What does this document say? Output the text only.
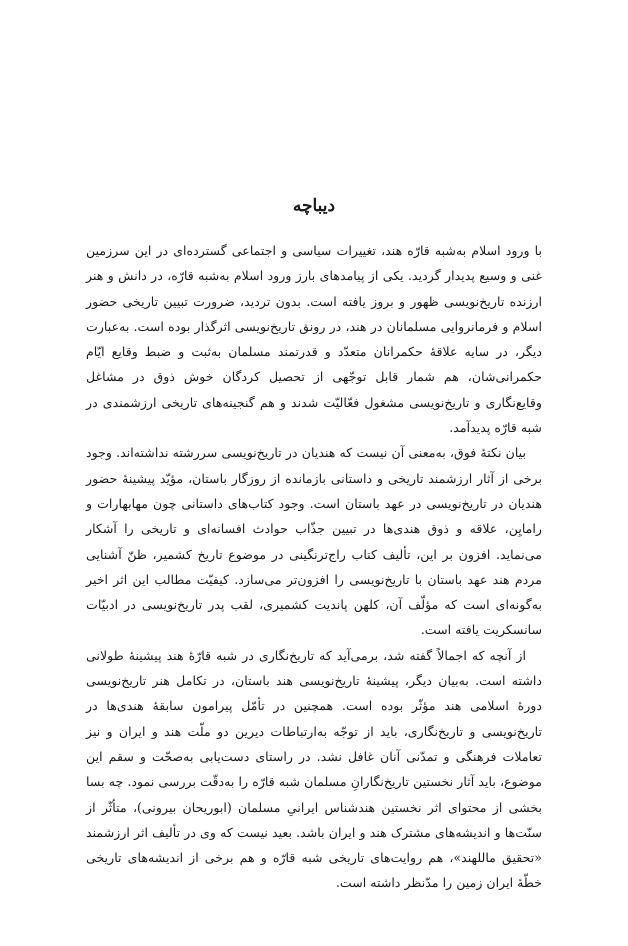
دیباچه

با ورود اسلام به‌شبه قارّه هند، تغییرات سیاسی و اجتماعی گسترده‌ای در این سرزمین غنی و وسیع پدیدار گردید. یکی از پیامدهای بارز ورود اسلام به‌شبه قارّه، در دانش و هنر ارزنده تاریخ‌نویسی ظهور و بروز یافته است. بدون تردید، ضرورت تبیین تاریخی حضور اسلام و فرمانروایی مسلمانان در هند، در رونق تاریخ‌نویسی اثرگذار بوده است. به‌عبارت دیگر، در سایه علاقهٔ حکمرانان متعدّد و قدرتمند مسلمان به‌ثبت و ضبط وقایع ایّام حکمرانی‌شان، هم شمار قابل توجّهی از تحصیل کردگان خوش ذوق در مشاغل وقایع‌نگاری و تاریخ‌نویسی مشغول فعّالیّت شدند و هم گنجینه‌های تاریخی ارزشمندی در شبه قارّه پدیدآمد.

بیان نکتهٔ فوق، به‌معنی آن نیست که هندیان در تاریخ‌نویسی سررشته نداشته‌اند. وجود برخی از آثار ارزشمند تاریخی و داستانی بازمانده از روزگار باستان، مؤیّد پیشینهٔ حضور هندیان در تاریخ‌نویسی در عهد باستان است. وجود کتاب‌های داستانی چون مهابهارات و رامایِن، علاقه و ذوق هندی‌ها در تبیین جذّاب حوادث افسانه‌ای و تاریخی را آشکار می‌نماید. افزون بر این، تألیف کتاب راج‌ترنگینی در موضوع تاریخ کشمیر، ظنّ آشنایی مردم هند عهد باستان با تاریخ‌نویسی را افزون‌تر می‌سازد. کیفیّت مطالب این اثر اخیر به‌گونه‌ای است که مؤلّف آن، کلهن پاندیت کشمیری، لقب پدر تاریخ‌نویسی در ادبیّات سانسکریت یافته است.

از آنچه که اجمالاً گفته شد، برمی‌آید که تاریخ‌نگاری در شبه قارّهٔ هند پیشینهٔ طولانی داشته است. به‌بیان دیگر، پیشینهٔ تاریخ‌نویسی هند باستان، در تکامل هنر تاریخ‌نویسی دورهٔ اسلامی هند مؤثّر بوده است. همچنین در تأمّل پیرامون سابقهٔ هندی‌ها در تاریخ‌نویسی و تاریخ‌نگاری، باید از توجّه به‌ارتباطات دیرین دو ملّت هند و ایران و نیز تعاملات فرهنگی و تمدّنی آنان غافل نشد. در راستای دست‌یابی به‌صحّت و سقم این موضوع، باید آثار نخستین تاریخ‌نگارانِ مسلمان شبه قارّه را به‌دقّت بررسی نمود. چه بسا بخشی از محتوای اثر نخستین هندشناس ایرانیِ مسلمان (ابوریحان بیرونی)، متأثّر از سنّت‌ها و اندیشه‌های مشترک هند و ایران باشد. بعید نیست که وی در تألیف اثر ارزشمند «تحقیق ماللهند»، هم روایت‌های تاریخی شبه قارّه و هم برخی از اندیشه‌های تاریخی خطّهٔ ایران زمین را مدّنظر داشته است.
